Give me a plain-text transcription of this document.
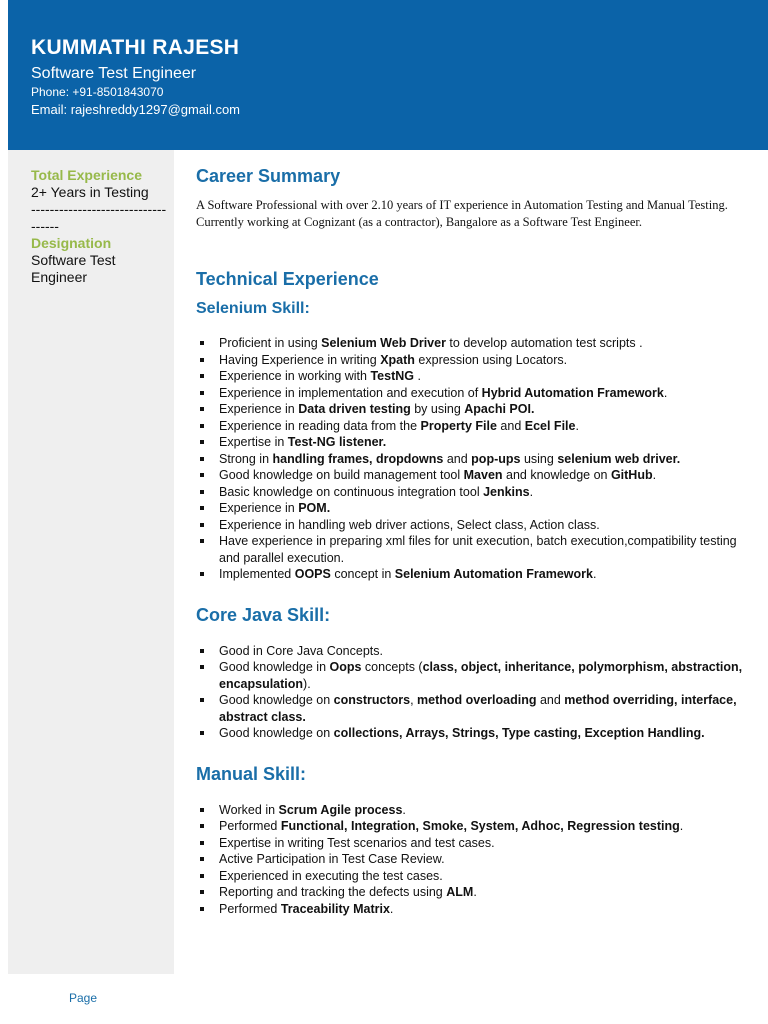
KUMMATHI RAJESH
Software Test Engineer
Phone: +91-8501843070
Email: rajeshreddy1297@gmail.com
Total Experience
2+ Years in Testing
-----------------------------------
Designation
Software Test Engineer
Career Summary

A Software Professional with over 2.10 years of IT experience in Automation Testing and Manual Testing. Currently working at Cognizant (as a contractor), Bangalore as a Software Test Engineer.

Technical Experience
Selenium Skill:
Proficient in using Selenium Web Driver to develop automation test scripts .
Having Experience in writing Xpath expression using Locators.
Experience in working with TestNG .
Experience in implementation and execution of Hybrid Automation Framework.
Experience in Data driven testing by using Apachi POI.
Experience in reading data from the Property File and Ecel File.
Expertise in Test-NG listener.
Strong in handling frames, dropdowns and pop-ups using selenium web driver.
Good knowledge on build management tool Maven and knowledge on GitHub.
Basic knowledge on continuous integration tool Jenkins.
Experience in POM.
Experience in handling web driver actions, Select class, Action class.
Have experience in preparing xml files for unit execution, batch execution,compatibility testing and parallel execution.
Implemented OOPS concept in Selenium Automation Framework.
Core Java Skill:
Good in Core Java Concepts.
Good knowledge in Oops concepts (class, object, inheritance, polymorphism, abstraction, encapsulation).
Good knowledge on constructors, method overloading and method overriding, interface, abstract class.
Good knowledge on collections, Arrays, Strings, Type casting, Exception Handling.
Manual Skill:
Worked in Scrum Agile process.
Performed Functional, Integration, Smoke, System, Adhoc, Regression testing.
Expertise in writing Test scenarios and test cases.
Active Participation in Test Case Review.
Experienced in executing the test cases.
Reporting and tracking the defects using ALM.
Performed Traceability Matrix.
Page
